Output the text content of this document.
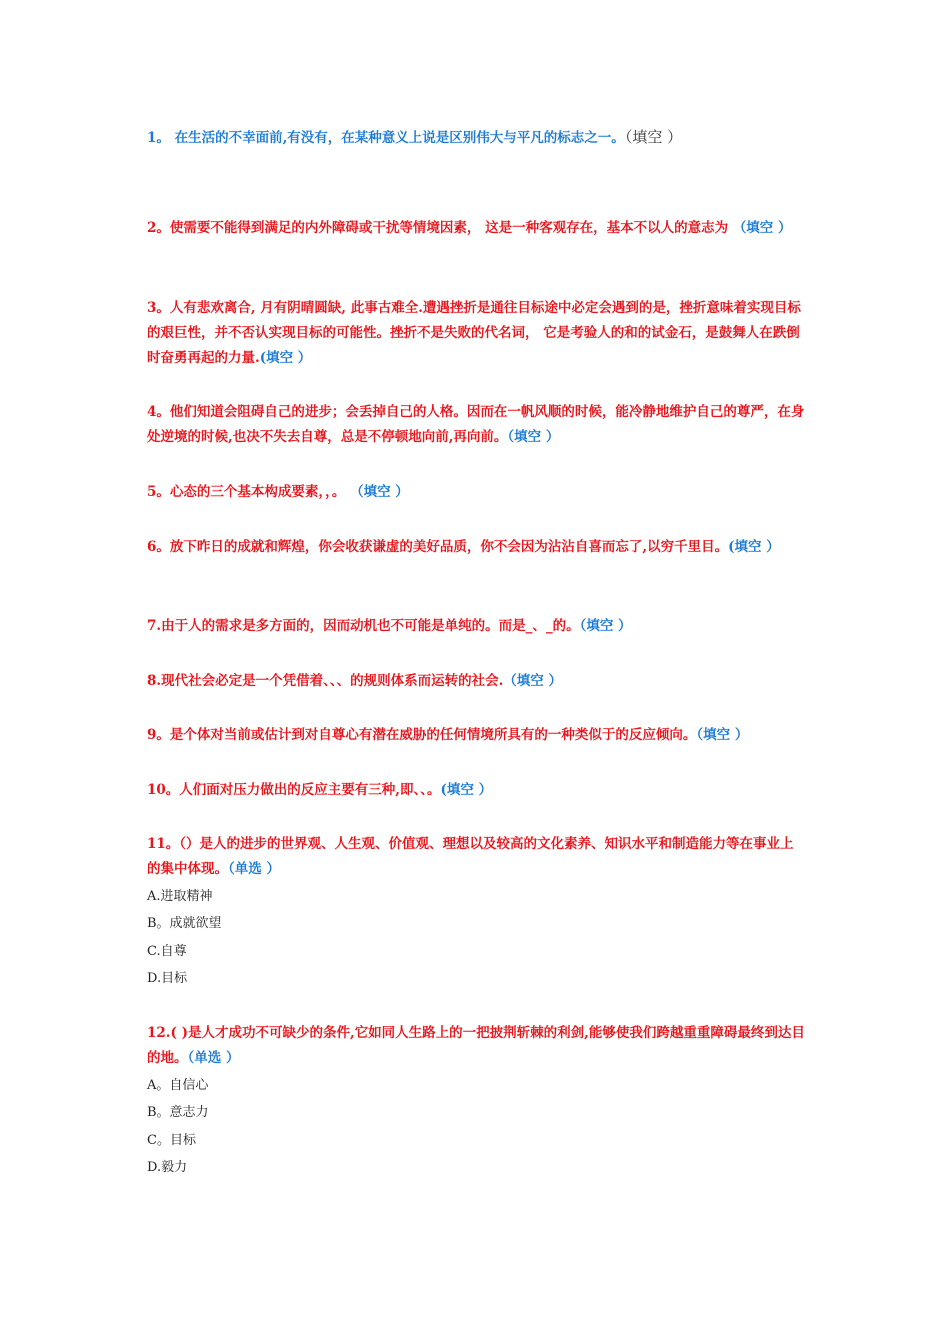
1。 在生活的不幸面前,有没有，在某种意义上说是区别伟大与平凡的标志之一。（填空 ）
2。使需要不能得到满足的内外障碍或干扰等情境因素， 这是一种客观存在，基本不以人的意志为 （填空 ）
3。人有悲欢离合, 月有阴晴圆缺, 此事古难全.遭遇挫折是通往目标途中必定会遇到的是，挫折意味着实现目标的艰巨性，并不否认实现目标的可能性。挫折不是失败的代名词， 它是考验人的和的试金石，是鼓舞人在跌倒时奋勇再起的力量.(填空 ）
4。他们知道会阻碍自己的进步；会丢掉自己的人格。因而在一帆风顺的时候，能冷静地维护自己的尊严，在身处逆境的时候,也决不失去自尊，总是不停顿地向前,再向前。（填空 ）
5。心态的三个基本构成要素，，。 （填空 ）
6。放下昨日的成就和辉煌，你会收获谦虚的美好品质，你不会因为沾沾自喜而忘了,以穷千里目。(填空 ）
7.由于人的需求是多方面的，因而动机也不可能是单纯的。而是_、_的。（填空 ）
8.现代社会必定是一个凭借着、、、的规则体系而运转的社会.（填空 ）
9。是个体对当前或估计到对自尊心有潜在威胁的任何情境所具有的一种类似于的反应倾向。（填空 ）
10。人们面对压力做出的反应主要有三种,即、、。(填空 ）
11。（）是人的进步的世界观、人生观、价值观、理想以及较高的文化素养、知识水平和制造能力等在事业上的集中体现。（单选 ）
A.进取精神
B。成就欲望
C.自尊
D.目标
12.( )是人才成功不可缺少的条件,它如同人生路上的一把披荆斩棘的利剑,能够使我们跨越重重障碍最终到达目的地。（单选 ）
A。自信心
B。意志力
C。目标
D.毅力
